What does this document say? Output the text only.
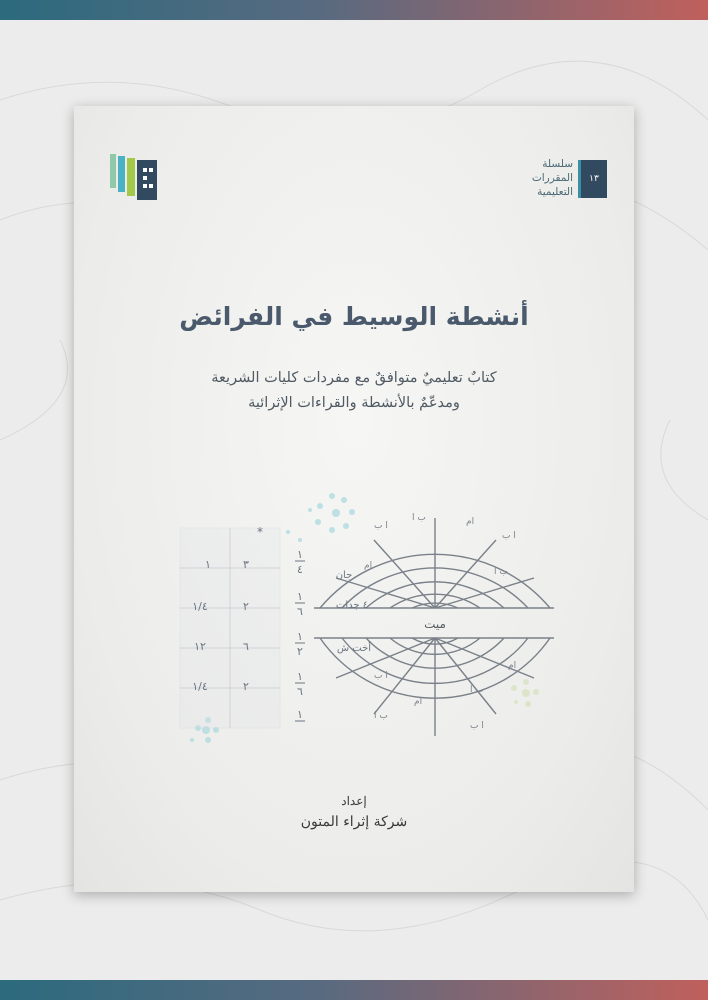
سلسلة
المقررات
التعليمية
١٣
أنشطة الوسيط في الفرائض
كتابٌ تعليميٌ متوافقٌ مع مفردات كليات الشريعة
ومدعّمٌ بالأنشطة والقراءات الإثرائية
*
١
٤
٣
١
١
٦
٢
١/٤
١
٢
٦
١٢
١
٦
٢
١/٤
١
ا ب
ب ا	ام
ا ب
ام
ب ا
ا ب
ام
ب ا
ام
ب ا
ا ب
جان
٤ جدات
أخت ش
ميت
إعداد
شركة إثراء المتون
